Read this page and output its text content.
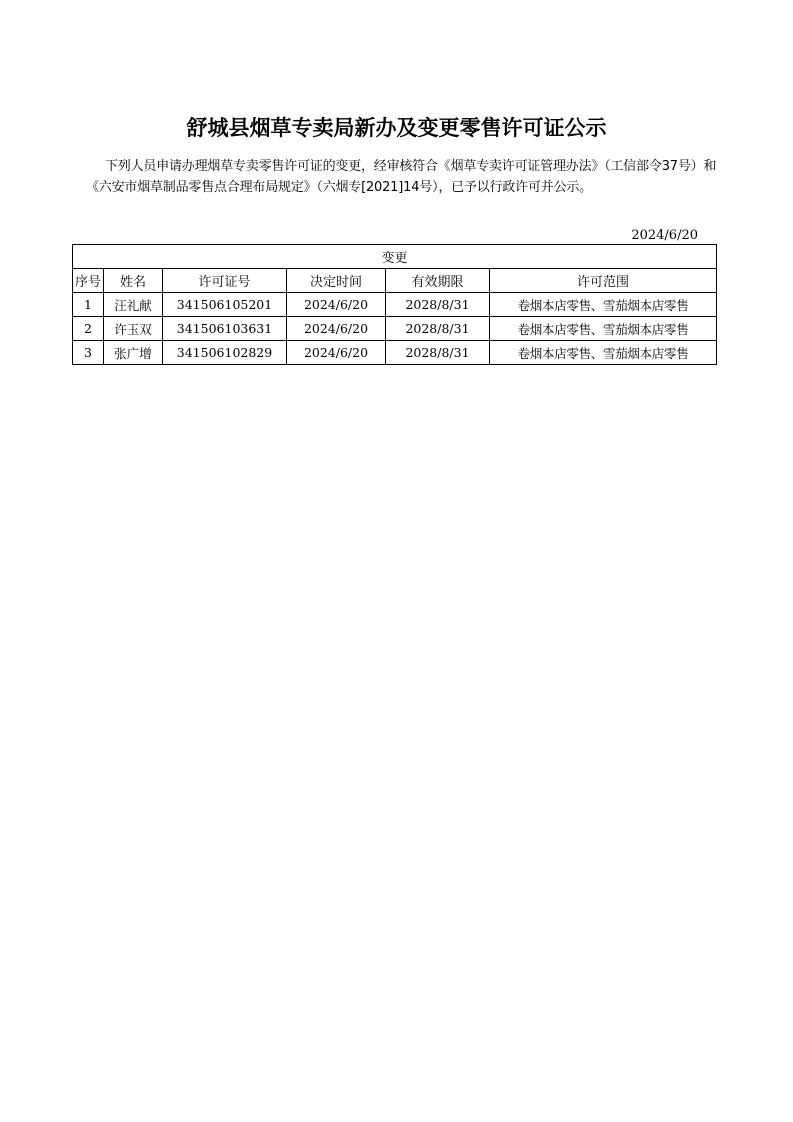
舒城县烟草专卖局新办及变更零售许可证公示
下列人员申请办理烟草专卖零售许可证的变更，经审核符合《烟草专卖许可证管理办法》（工信部令37号）和《六安市烟草制品零售点合理布局规定》（六烟专[2021]14号），已予以行政许可并公示。
2024/6/20
变更					
序号	姓名	许可证号	决定时间	有效期限	许可范围
1	汪礼献	341506105201	2024/6/20	2028/8/31	卷烟本店零售、雪茄烟本店零售
2	许玉双	341506103631	2024/6/20	2028/8/31	卷烟本店零售、雪茄烟本店零售
3	张广增	341506102829	2024/6/20	2028/8/31	卷烟本店零售、雪茄烟本店零售
